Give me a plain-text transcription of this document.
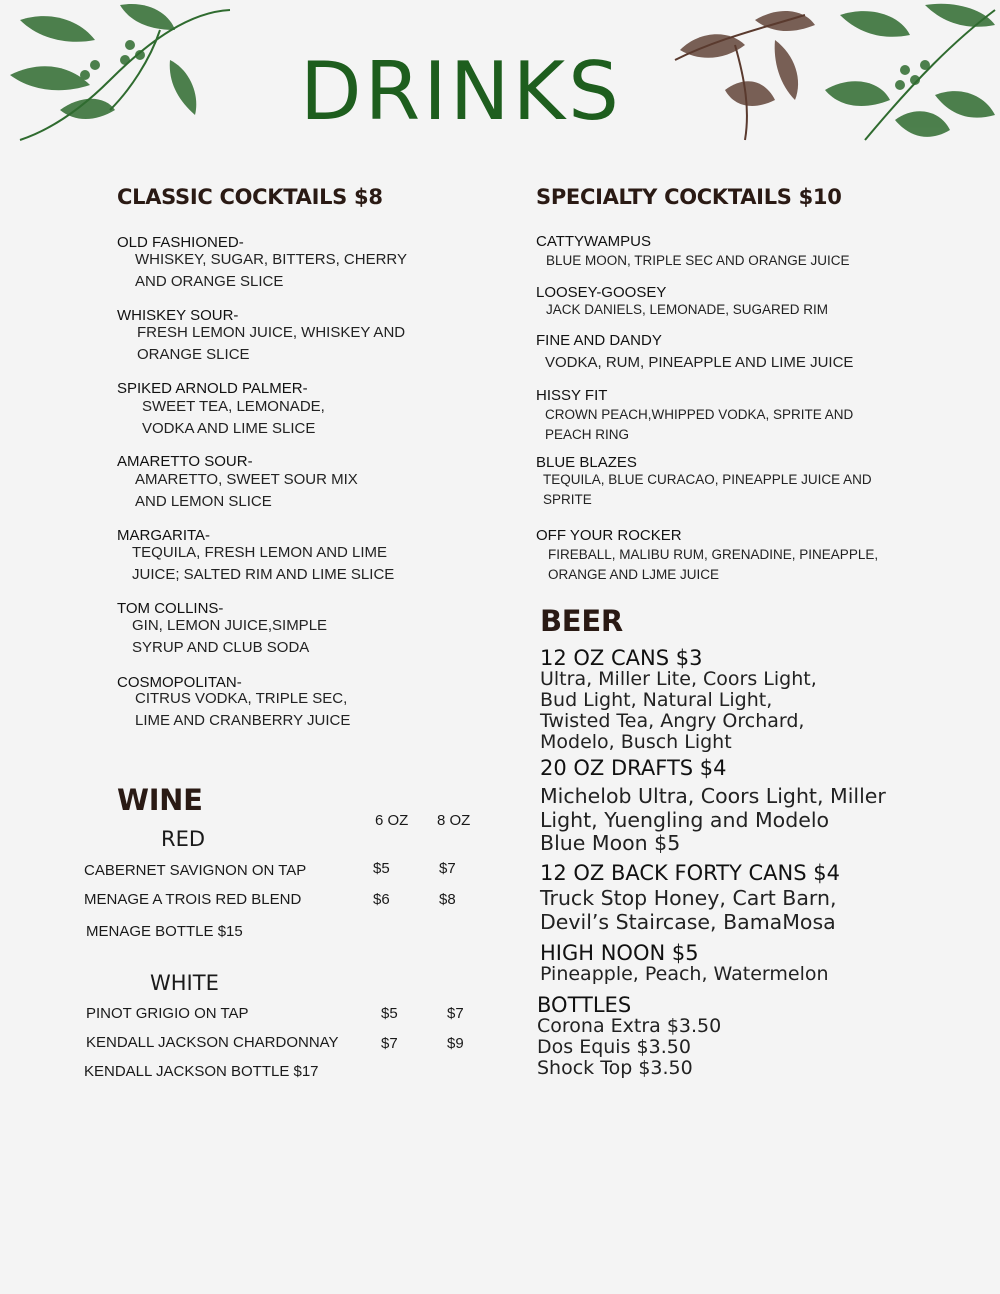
DRINKS
CLASSIC COCKTAILS $8
OLD FASHIONED-
WHISKEY, SUGAR, BITTERS, CHERRY AND ORANGE SLICE
WHISKEY SOUR-
FRESH LEMON JUICE, WHISKEY AND ORANGE SLICE
SPIKED ARNOLD PALMER-
SWEET TEA, LEMONADE, VODKA AND LIME SLICE
AMARETTO SOUR-
AMARETTO, SWEET SOUR MIX AND LEMON SLICE
MARGARITA-
TEQUILA, FRESH LEMON AND LIME JUICE; SALTED RIM AND LIME SLICE
TOM COLLINS-
GIN, LEMON JUICE,SIMPLE SYRUP AND CLUB SODA
COSMOPOLITAN-
CITRUS VODKA, TRIPLE SEC, LIME AND CRANBERRY JUICE
SPECIALTY COCKTAILS $10
CATTYWAMPUS
BLUE MOON, TRIPLE SEC AND ORANGE JUICE
LOOSEY-GOOSEY
JACK DANIELS, LEMONADE, SUGARED RIM
FINE AND DANDY
VODKA, RUM, PINEAPPLE AND LIME JUICE
HISSY FIT
CROWN PEACH,WHIPPED VODKA, SPRITE AND PEACH RING
BLUE BLAZES
TEQUILA, BLUE CURACAO, PINEAPPLE JUICE AND SPRITE
OFF YOUR ROCKER
FIREBALL, MALIBU RUM, GRENADINE, PINEAPPLE, ORANGE AND LJME JUICE
WINE
6 OZ 8 OZ
RED
CABERNET SAVIGNON ON TAP	$5	$7
MENAGE A TROIS RED BLEND	$6	$8
MENAGE BOTTLE $15
WHITE
PINOT GRIGIO ON TAP	$5	$7
KENDALL JACKSON CHARDONNAY	$7	$9
KENDALL JACKSON BOTTLE $17
BEER
12 OZ CANS $3
Ultra, Miller Lite, Coors Light,
Bud Light, Natural Light,
Twisted Tea, Angry Orchard,
Modelo, Busch Light
20 OZ DRAFTS $4
Michelob Ultra, Coors Light, Miller
Light, Yuengling and Modelo
Blue Moon $5
12 OZ BACK FORTY CANS $4
Truck Stop Honey, Cart Barn,
Devil’s Staircase, BamaMosa
HIGH NOON $5
Pineapple, Peach, Watermelon
BOTTLES
Corona Extra $3.50
Dos Equis $3.50
Shock Top $3.50
